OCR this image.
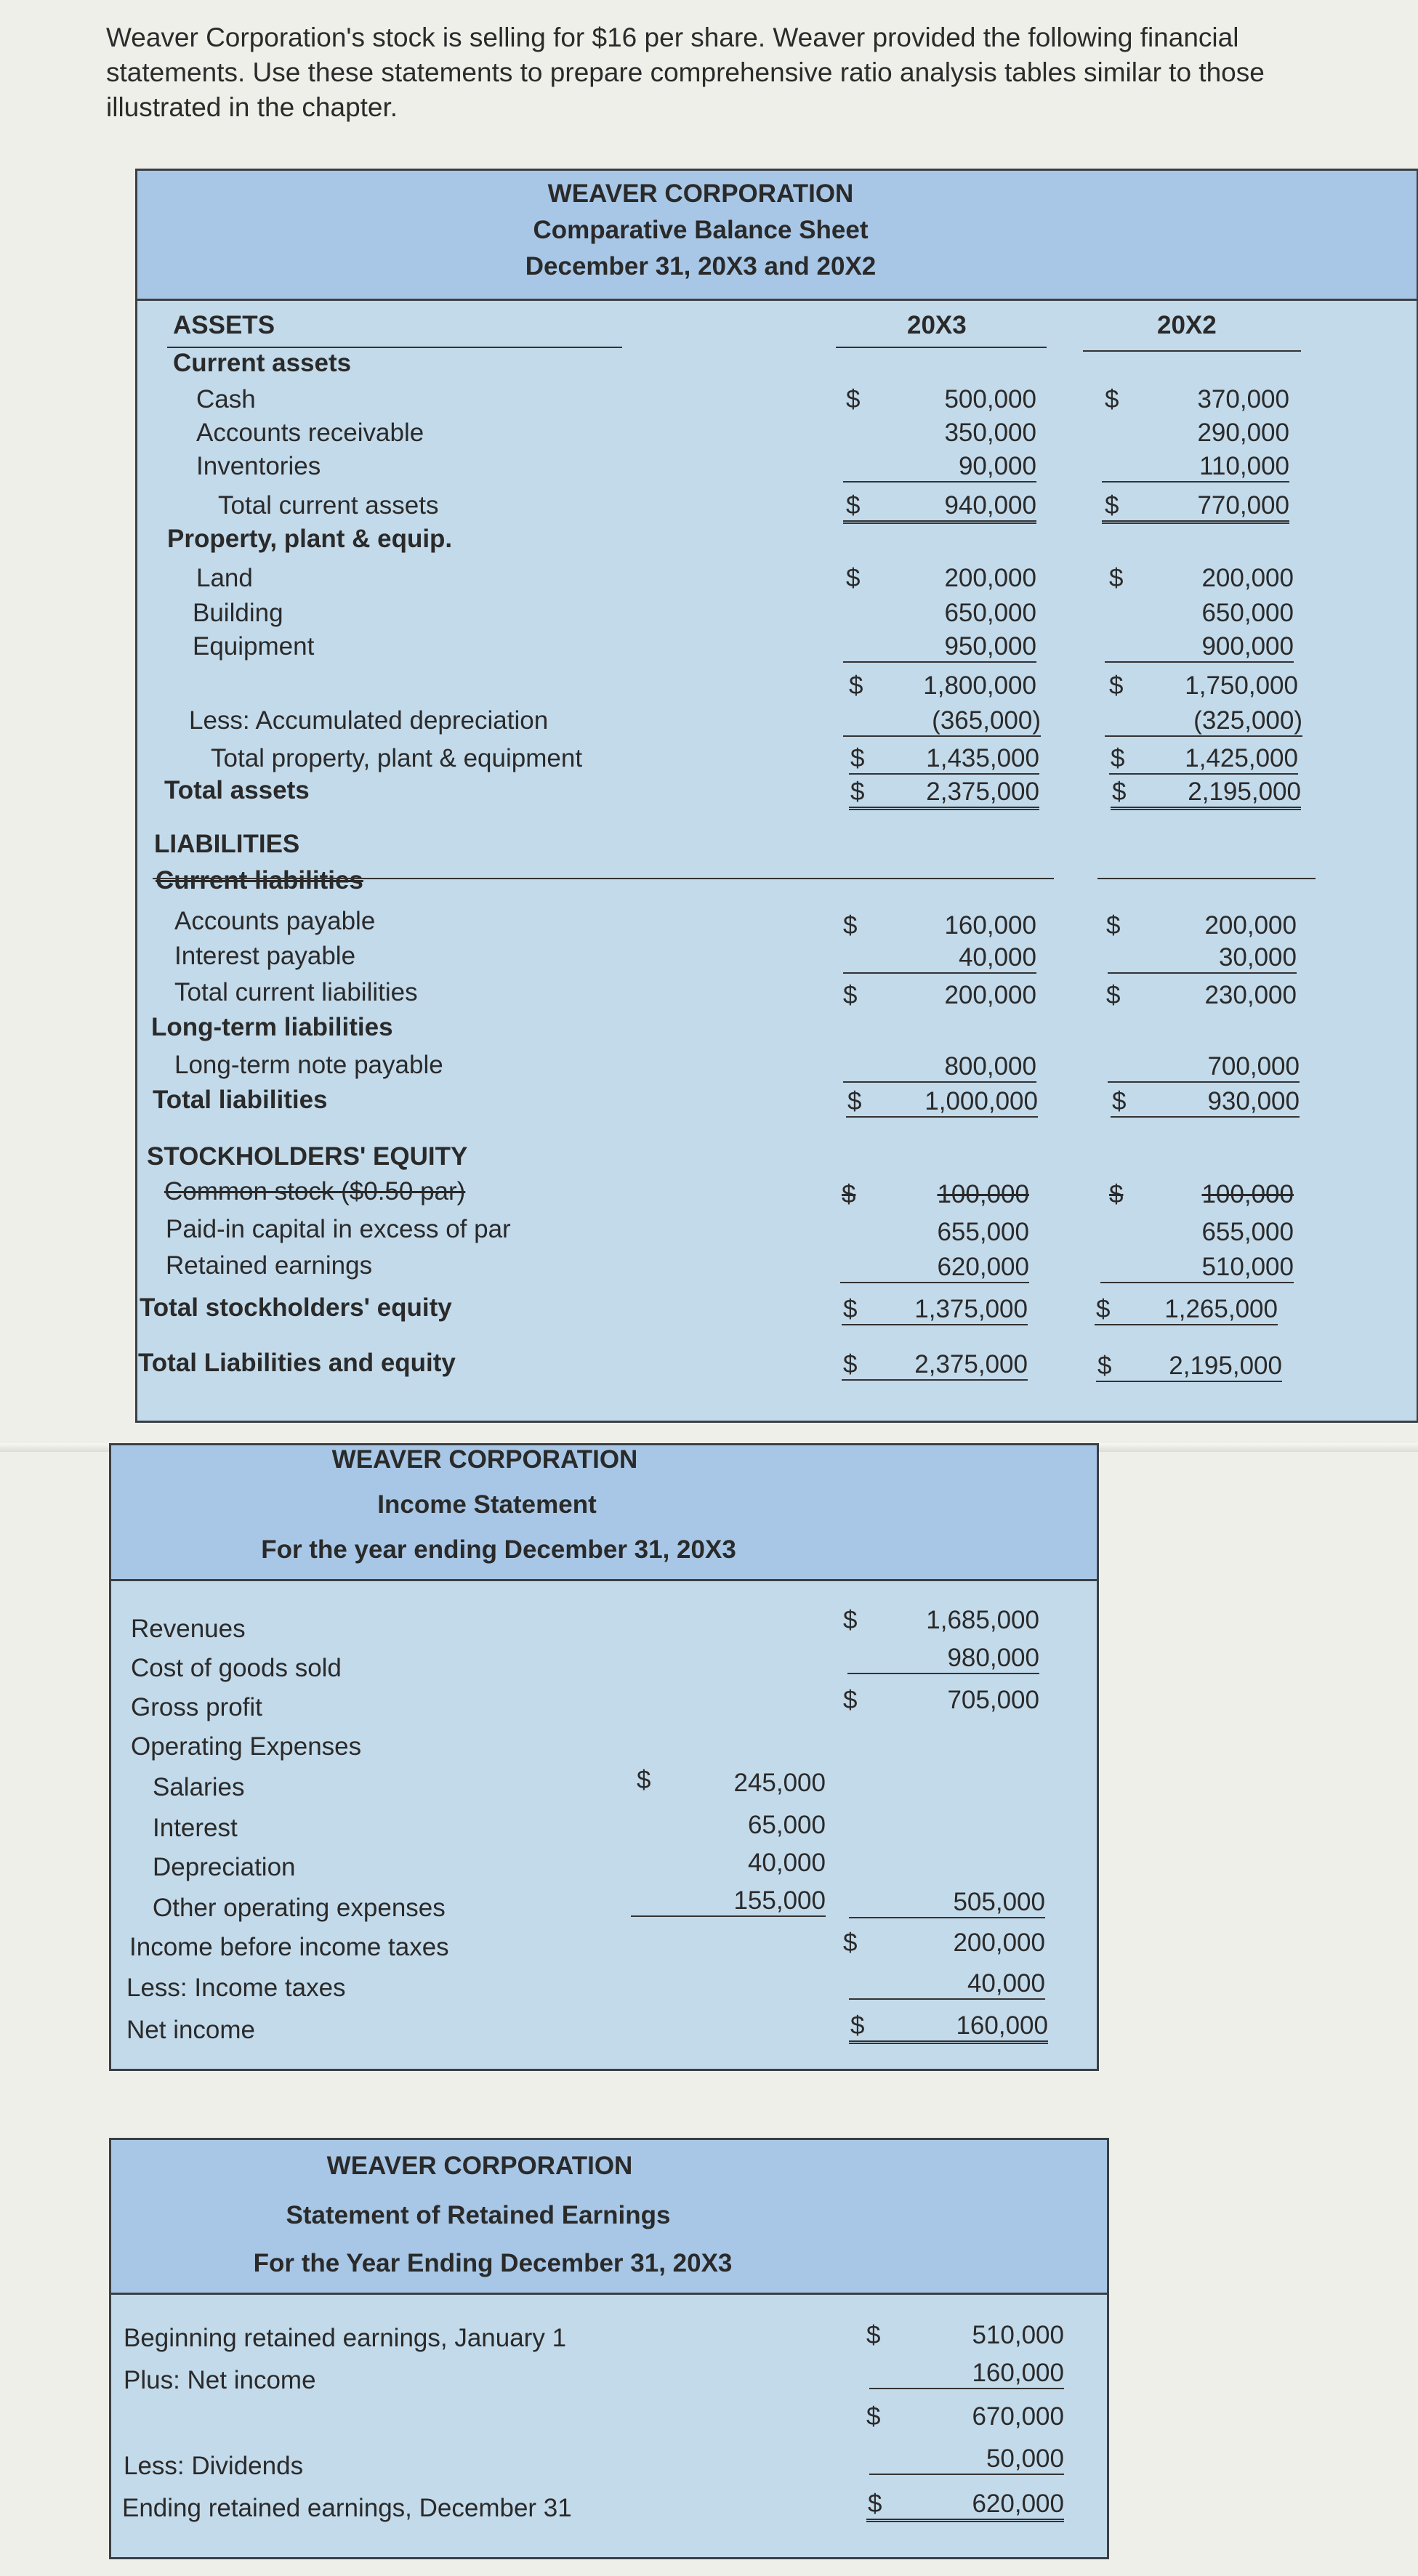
Weaver Corporation's stock is selling for $16 per share. Weaver provided the following financial statements. Use these statements to prepare comprehensive ratio analysis tables similar to those illustrated in the chapter.
WEAVER CORPORATION
Comparative Balance Sheet
December 31, 20X3 and 20X2
ASSETS	20X3	20X2
Current assets
Cash	$	500,000	$	370,000
Accounts receivable	350,000	290,000
Inventories	90,000	110,000
Total current assets	$	940,000	$	770,000
Property, plant & equip.
Land	$	200,000	$	200,000
Building	650,000	650,000
Equipment	950,000	900,000
$	1,800,000	$	1,750,000
Less: Accumulated depreciation	(365,000)	(325,000)
Total property, plant & equipment	$	1,435,000	$	1,425,000
Total assets	$	2,375,000	$	2,195,000
LIABILITIES
Current liabilities
Accounts payable	$	160,000	$	200,000
Interest payable	40,000	30,000
Total current liabilities	$	200,000	$	230,000
Long-term liabilities
Long-term note payable	800,000	700,000
Total liabilities	$	1,000,000	$	930,000
STOCKHOLDERS' EQUITY
Common stock ($0.50 par)	$	100,000	$	100,000
Paid-in capital in excess of par	655,000	655,000
Retained earnings	620,000	510,000
Total stockholders' equity	$	1,375,000	$	1,265,000
Total Liabilities and equity	$	2,375,000	$	2,195,000
WEAVER CORPORATION
Income Statement
For the year ending December 31, 20X3
Revenues	$	1,685,000
Cost of goods sold	980,000
Gross profit	$	705,000
Operating Expenses
Salaries	$	245,000
Interest	65,000
Depreciation	40,000
Other operating expenses	155,000	505,000
Income before income taxes	$	200,000
Less: Income taxes	40,000
Net income	$	160,000
WEAVER CORPORATION
Statement of Retained Earnings
For the Year Ending December 31, 20X3
Beginning retained earnings, January 1	$	510,000
Plus: Net income	160,000
$	670,000
Less: Dividends	50,000
Ending retained earnings, December 31	$	620,000
